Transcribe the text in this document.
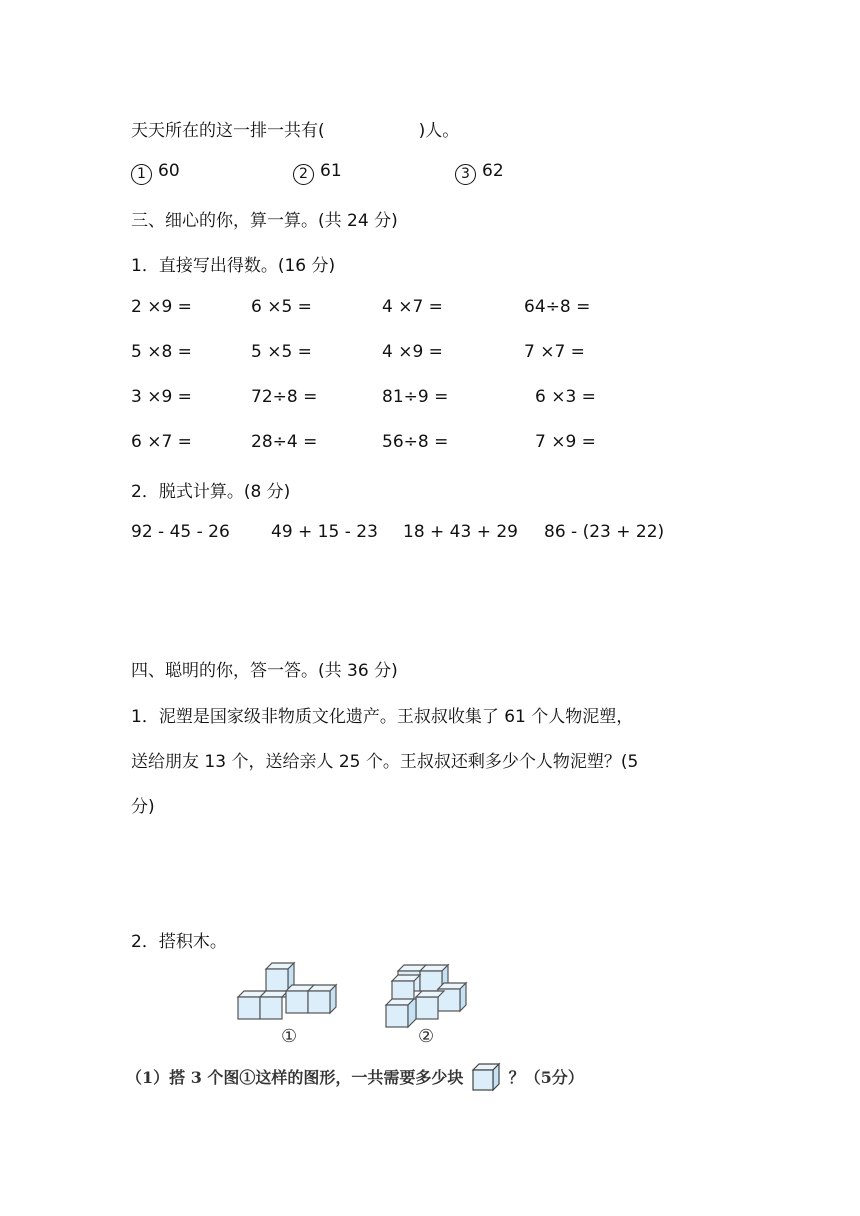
天天所在的这一排一共有(	)人。
1 60	2 61	3 62
三、细心的你，算一算。(共 24 分)
1．直接写出得数。(16 分)
2 ×9 =	6 ×5 =	4 ×7 =	64÷8 =
5 ×8 =	5 ×5 =	4 ×9 =	7 ×7 =
3 ×9 =	72÷8 =	81÷9 =	6 ×3 =
6 ×7 =	28÷4 =	56÷8 =	7 ×9 =
2．脱式计算。(8 分)
92 - 45 - 26 49 + 15 - 23 18 + 43 + 29 86 - (23 + 22)
四、聪明的你，答一答。(共 36 分)
1．泥塑是国家级非物质文化遗产。王叔叔收集了 61 个人物泥塑，
送给朋友 13 个，送给亲人 25 个。王叔叔还剩多少个人物泥塑？(5
分)
2．搭积木。
①	②
（1）搭 3 个图①这样的图形，一共需要多少块	？（5分）
